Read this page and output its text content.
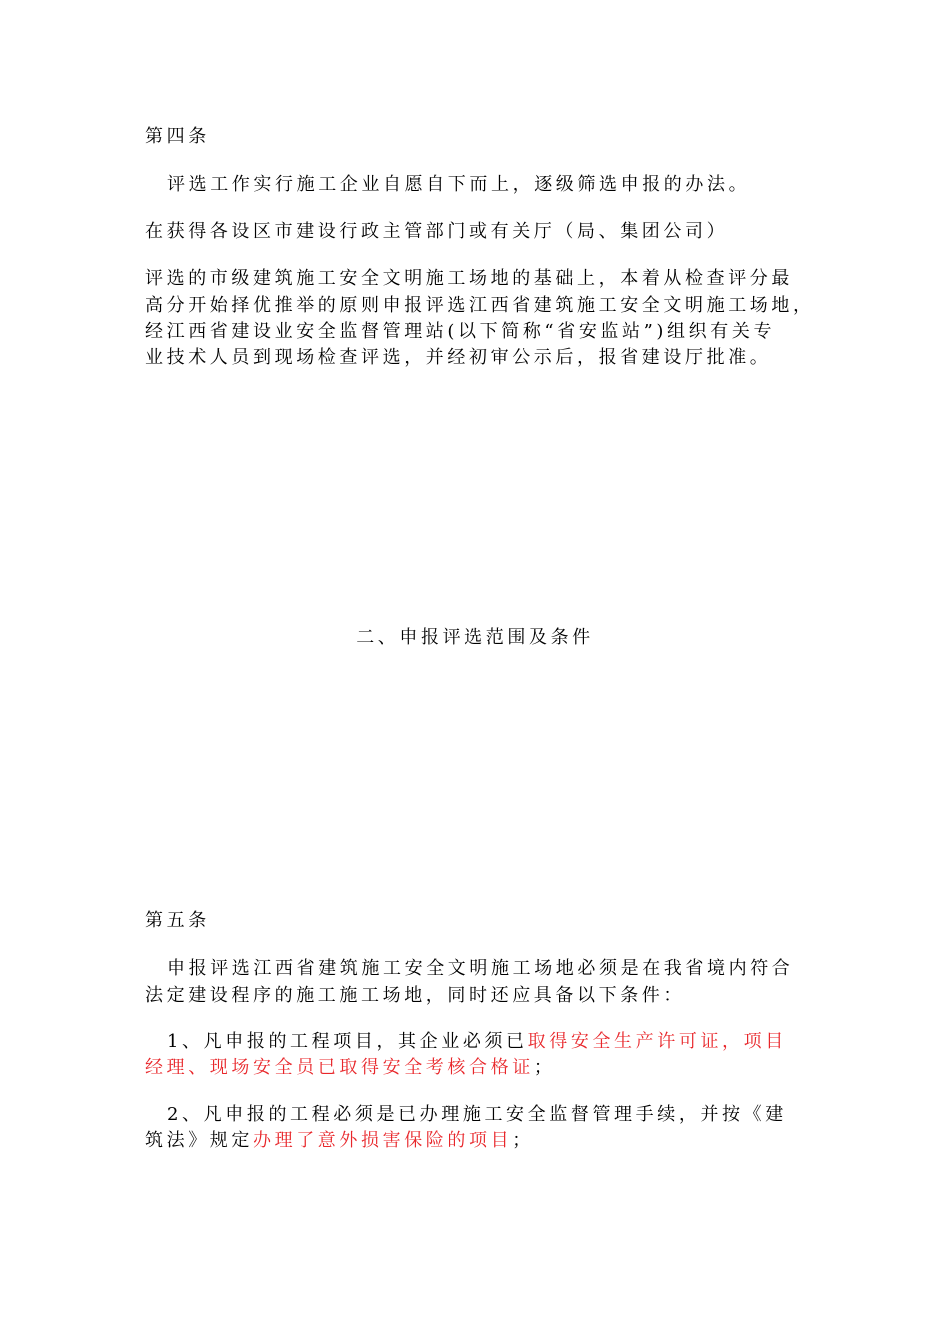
第四条
评选工作实行施工企业自愿自下而上，逐级筛选申报的办法。
在获得各设区市建设行政主管部门或有关厅（局、集团公司）
评选的市级建筑施工安全文明施工场地的基础上，本着从检查评分最
高分开始择优推举的原则申报评选江西省建筑施工安全文明施工场地，
经江西省建设业安全监督管理站(以下简称“省安监站”)组织有关专
业技术人员到现场检查评选，并经初审公示后，报省建设厅批准。
二、申报评选范围及条件
第五条
申报评选江西省建筑施工安全文明施工场地必须是在我省境内符合
法定建设程序的施工施工场地，同时还应具备以下条件：
1、凡申报的工程项目，其企业必须已取得安全生产许可证，项目
经理、现场安全员已取得安全考核合格证；
2、凡申报的工程必须是已办理施工安全监督管理手续，并按《建
筑法》规定办理了意外损害保险的项目；
